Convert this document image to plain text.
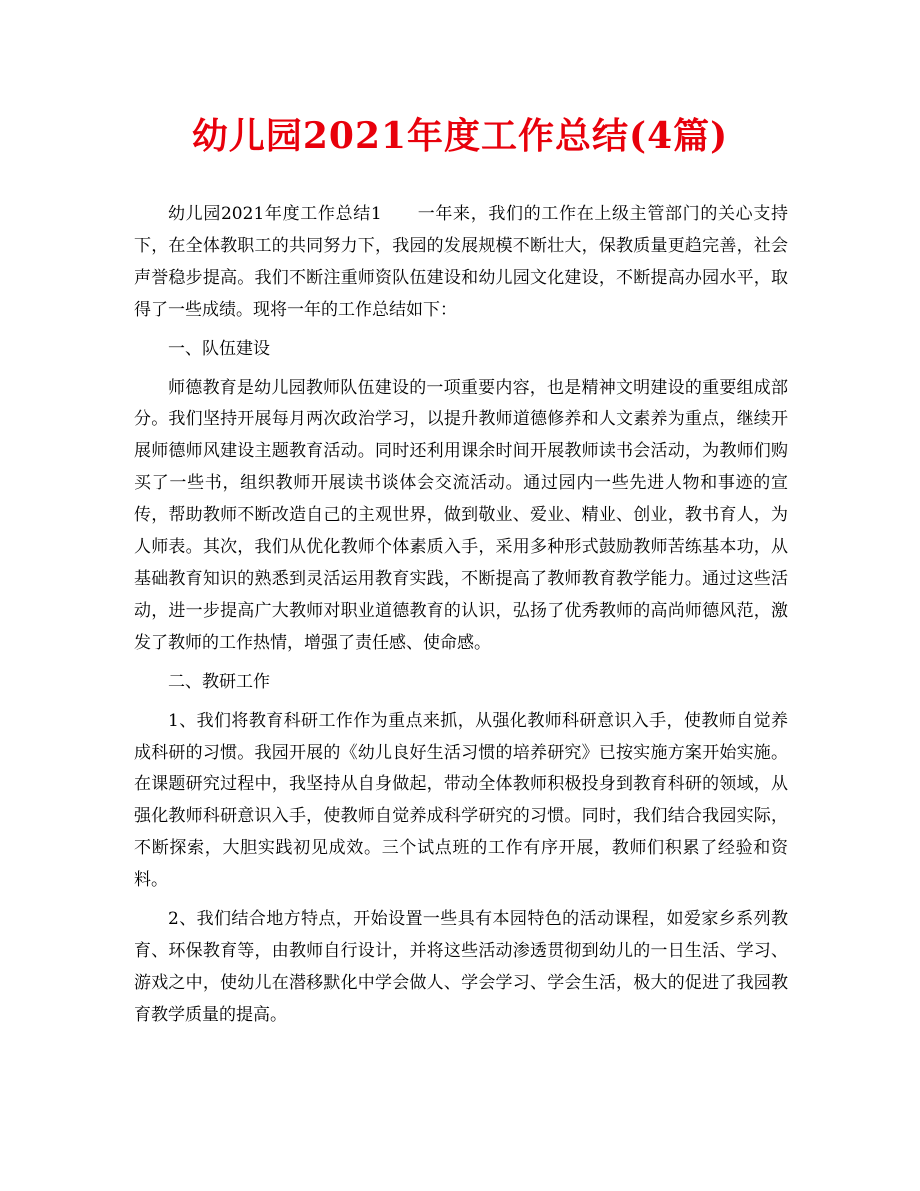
幼儿园2021年度工作总结(4篇)

幼儿园2021年度工作总结1　　一年来，我们的工作在上级主管部门的关心支持下，在全体教职工的共同努力下，我园的发展规模不断壮大，保教质量更趋完善，社会声誉稳步提高。我们不断注重师资队伍建设和幼儿园文化建设，不断提高办园水平，取得了一些成绩。现将一年的工作总结如下：

一、队伍建设

师德教育是幼儿园教师队伍建设的一项重要内容，也是精神文明建设的重要组成部分。我们坚持开展每月两次政治学习，以提升教师道德修养和人文素养为重点，继续开展师德师风建设主题教育活动。同时还利用课余时间开展教师读书会活动，为教师们购买了一些书，组织教师开展读书谈体会交流活动。通过园内一些先进人物和事迹的宣传，帮助教师不断改造自己的主观世界，做到敬业、爱业、精业、创业，教书育人，为人师表。其次，我们从优化教师个体素质入手，采用多种形式鼓励教师苦练基本功，从基础教育知识的熟悉到灵活运用教育实践，不断提高了教师教育教学能力。通过这些活动，进一步提高广大教师对职业道德教育的认识，弘扬了优秀教师的高尚师德风范，激发了教师的工作热情，增强了责任感、使命感。

二、教研工作

1、我们将教育科研工作作为重点来抓，从强化教师科研意识入手，使教师自觉养成科研的习惯。我园开展的《幼儿良好生活习惯的培养研究》已按实施方案开始实施。在课题研究过程中，我坚持从自身做起，带动全体教师积极投身到教育科研的领域，从强化教师科研意识入手，使教师自觉养成科学研究的习惯。同时，我们结合我园实际，不断探索，大胆实践初见成效。三个试点班的工作有序开展，教师们积累了经验和资料。

2、我们结合地方特点，开始设置一些具有本园特色的活动课程，如爱家乡系列教育、环保教育等，由教师自行设计，并将这些活动渗透贯彻到幼儿的一日生活、学习、游戏之中，使幼儿在潜移默化中学会做人、学会学习、学会生活，极大的促进了我园教育教学质量的提高。
